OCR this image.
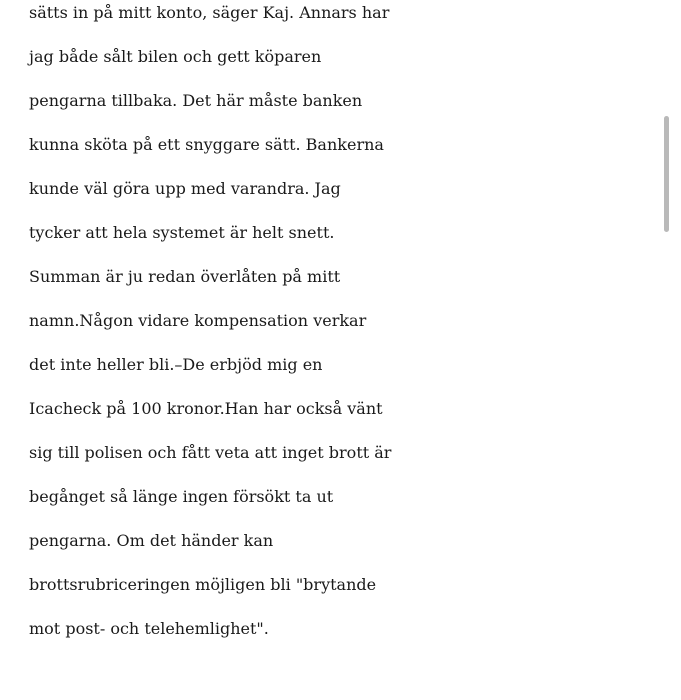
sätts in på mitt konto, säger Kaj. Annars har
jag både sålt bilen och gett köparen
pengarna tillbaka. Det här måste banken
kunna sköta på ett snyggare sätt. Bankerna
kunde väl göra upp med varandra. Jag
tycker att hela systemet är helt snett.
Summan är ju redan överlåten på mitt
namn.Någon vidare kompensation verkar
det inte heller bli.–De erbjöd mig en
Icacheck på 100 kronor.Han har också vänt
sig till polisen och fått veta att inget brott är
begånget så länge ingen försökt ta ut
pengarna. Om det händer kan
brottsrubriceringen möjligen bli "brytande
mot post- och telehemlighet".
